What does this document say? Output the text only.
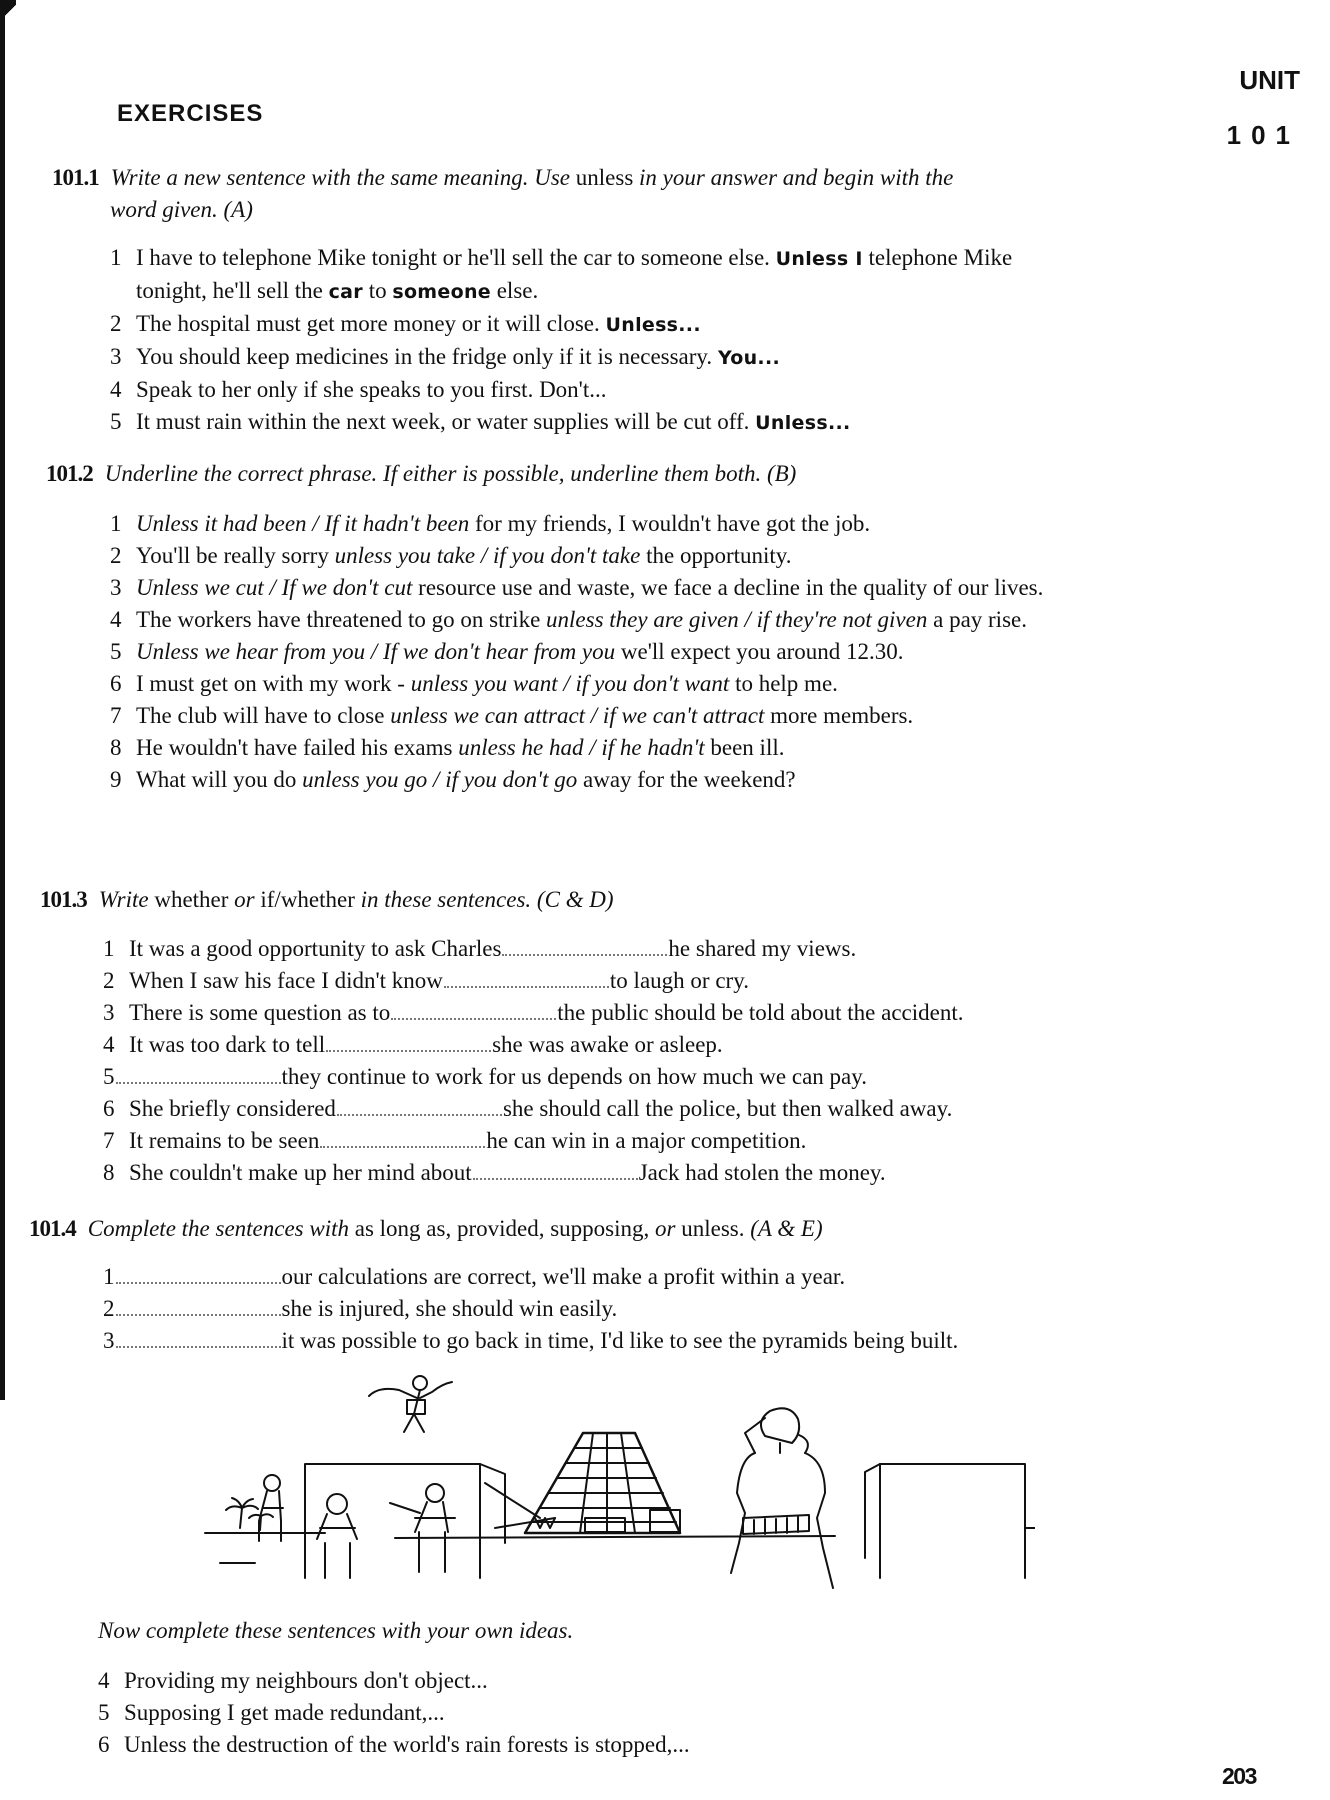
UNIT
101
EXERCISES
101.1 Write a new sentence with the same meaning. Use unless in your answer and begin with the
word given. (A)
1 I have to telephone Mike tonight or he'll sell the car to someone else. Unless I telephone Mike
tonight, he'll sell the car to someone else.
2 The hospital must get more money or it will close. Unless...
3 You should keep medicines in the fridge only if it is necessary. You...
4 Speak to her only if she speaks to you first. Don't...
5 It must rain within the next week, or water supplies will be cut off. Unless...
101.2 Underline the correct phrase. If either is possible, underline them both. (B)
1 Unless it had been / If it hadn't been for my friends, I wouldn't have got the job.
2 You'll be really sorry unless you take / if you don't take the opportunity.
3 Unless we cut / If we don't cut resource use and waste, we face a decline in the quality of our lives.
4 The workers have threatened to go on strike unless they are given / if they're not given a pay rise.
5 Unless we hear from you / If we don't hear from you we'll expect you around 12.30.
6 I must get on with my work - unless you want / if you don't want to help me.
7 The club will have to close unless we can attract / if we can't attract more members.
8 He wouldn't have failed his exams unless he had / if he hadn't been ill.
9 What will you do unless you go / if you don't go away for the weekend?
101.3 Write whether or if/whether in these sentences. (C & D)
1 It was a good opportunity to ask Charles	he shared my views.
2 When I saw his face I didn't know	to laugh or cry.
3 There is some question as to	the public should be told about the accident.
4 It was too dark to tell	she was awake or asleep.
5	they continue to work for us depends on how much we can pay.
6 She briefly considered	she should call the police, but then walked away.
7 It remains to be seen	he can win in a major competition.
8 She couldn't make up her mind about	Jack had stolen the money.
101.4 Complete the sentences with as long as, provided, supposing, or unless. (A & E)
1	our calculations are correct, we'll make a profit within a year.
2	she is injured, she should win easily.
3	it was possible to go back in time, I'd like to see the pyramids being built.
Now complete these sentences with your own ideas.
4 Providing my neighbours don't object...
5 Supposing I get made redundant,...
6 Unless the destruction of the world's rain forests is stopped,...
203
